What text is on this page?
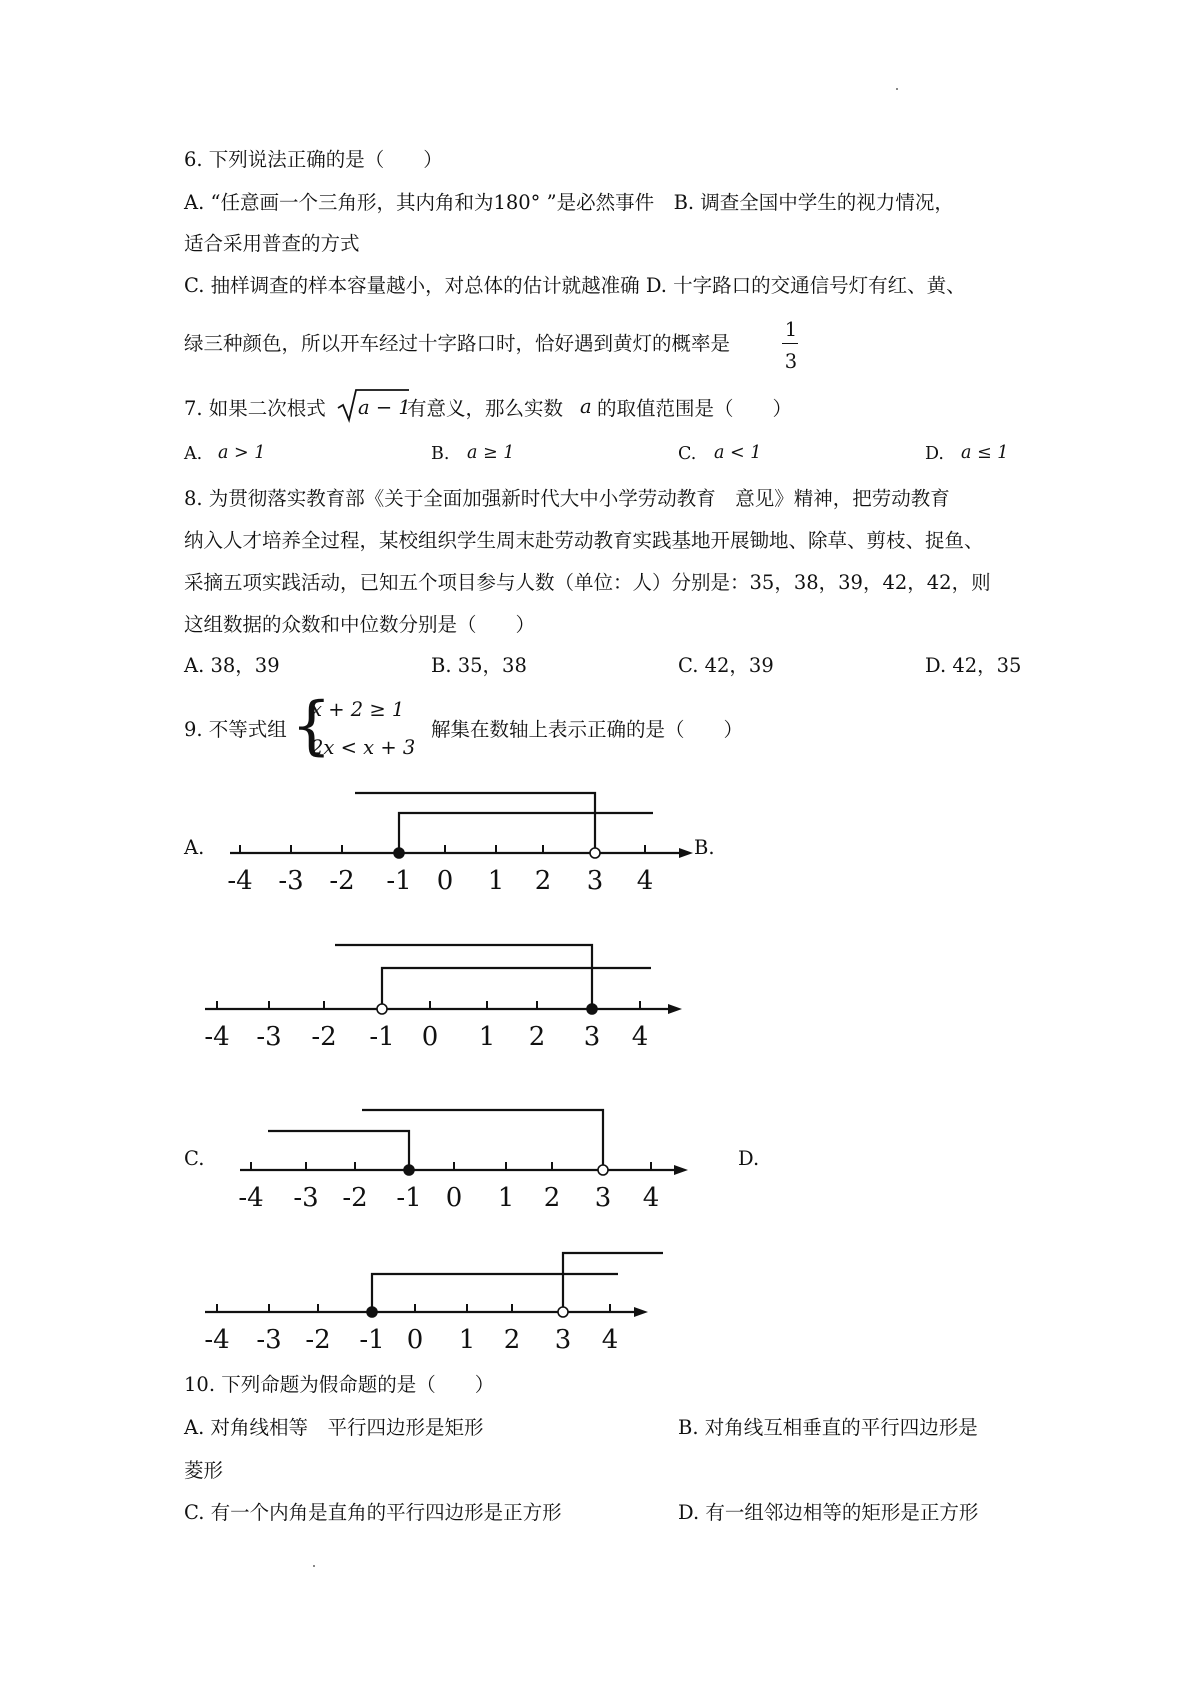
6. 下列说法正确的是（　　）
A. “任意画一个三角形，其内角和为180° ”是必然事件　B. 调查全国中学生的视力情况，
适合采用普查的方式
C. 抽样调查的样本容量越小，对总体的估计就越准确 D. 十字路口的交通信号灯有红、黄、
绿三种颜色，所以开车经过十字路口时，恰好遇到黄灯的概率是
1
3
7. 如果二次根式 a − 1
有意义，那么实数 a 的取值范围是（　　）
A. a > 1	B. a ≥ 1	C. a < 1	D. a ≤ 1
8. 为贯彻落实教育部《关于全面加强新时代大中小学劳动教育　意见》精神，把劳动教育
纳入人才培养全过程，某校组织学生周末赴劳动教育实践基地开展锄地、除草、剪枝、捉鱼、
采摘五项实践活动，已知五个项目参与人数（单位：人）分别是：35，38，39，42，42，则
这组数据的众数和中位数分别是（　　）
A. 38，39	B. 35，38	C. 42，39	D. 42，35
9. 不等式组 {
x + 2 ≥ 1
2x < x + 3
解集在数轴上表示正确的是（　　）
A.	B.
C.	D.
-4 -3 -2 -1 0 1 2 3 4
-4 -3 -2 -1 0 1 2 3 4
-4 -3 -2 -1 0 1 2 3 4
-4 -3 -2 -1 0 1 2 3 4
10. 下列命题为假命题的是（　　）
A. 对角线相等　平行四边形是矩形	B. 对角线互相垂直的平行四边形是
菱形
C. 有一个内角是直角的平行四边形是正方形	D. 有一组邻边相等的矩形是正方形
